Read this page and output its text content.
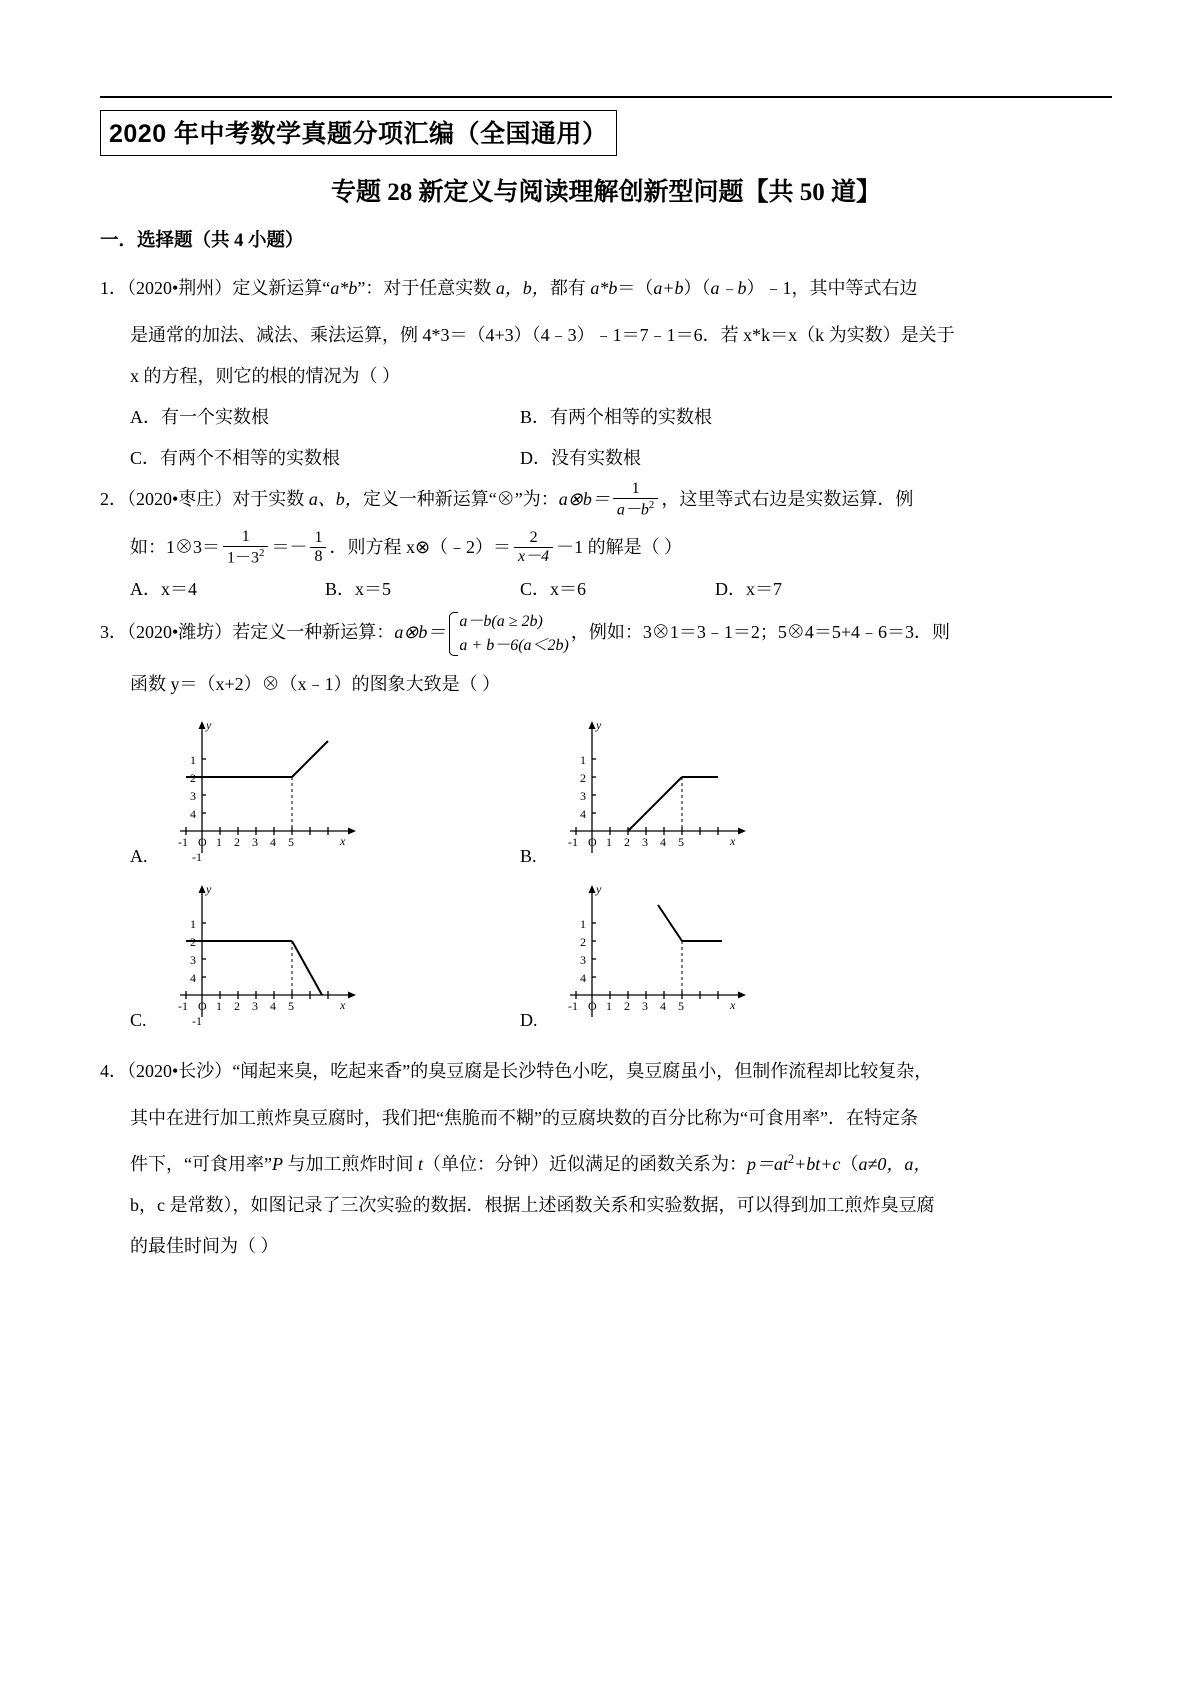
2020 年中考数学真题分项汇编（全国通用）
专题 28 新定义与阅读理解创新型问题【共 50 道】
一．选择题（共 4 小题）
1．（2020•荆州）定义新运算“a*b”：对于任意实数 a，b，都有 a*b＝（a+b）（a﹣b）﹣1，其中等式右边
是通常的加法、减法、乘法运算，例 4*3＝（4+3）（4﹣3）﹣1＝7﹣1＝6．若 x*k＝x（k 为实数）是关于
x 的方程，则它的根的情况为（ ）
A．有一个实数根	B．有两个相等的实数根
C．有两个不相等的实数根	D．没有实数根
2．（2020•枣庄）对于实数 a、b，定义一种新运算“⊗”为：a⊗b＝ $\frac{1}{a-b^2}$ ，这里等式右边是实数运算．例
如：1⊗3＝ $\frac{1}{1-3^2} =- \frac{1}{8}$ ．则方程 x⊗（﹣2）＝ $\frac{2}{x-4} -1$ 的解是（ ）
A．x＝4	B．x＝5	C．x＝6	D．x＝7
3．（2020•潍坊）若定义一种新运算：a⊗b＝
a－b(a ≥ 2b)
a + b－6(a＜2b)
，例如：3⊗1＝3﹣1＝2；5⊗4＝5+4﹣6＝3．则
函数 y＝（x+2）⊗（x﹣1）的图象大致是（ ）
A.
y
x
4
3
2
1
-1 O 1 2 3 4 5
-1	B.
y
x
4
3
2
1
-1 O 1 2 3 4 5
C.
y
x
4
3
2
1
-1 O 1 2 3 4 5
-1	D.
y
x
4
3
2
1
-1 O 1 2 3 4 5
4．（2020•长沙）“闻起来臭，吃起来香”的臭豆腐是长沙特色小吃，臭豆腐虽小，但制作流程却比较复杂，
其中在进行加工煎炸臭豆腐时，我们把“焦脆而不糊”的豆腐块数的百分比称为“可食用率”．在特定条
件下，“可食用率”P 与加工煎炸时间 t（单位：分钟）近似满足的函数关系为：$p=at^2+bt+c(a\ne 0$，a，
b，c 是常数），如图记录了三次实验的数据．根据上述函数关系和实验数据，可以得到加工煎炸臭豆腐
的最佳时间为（ ）
